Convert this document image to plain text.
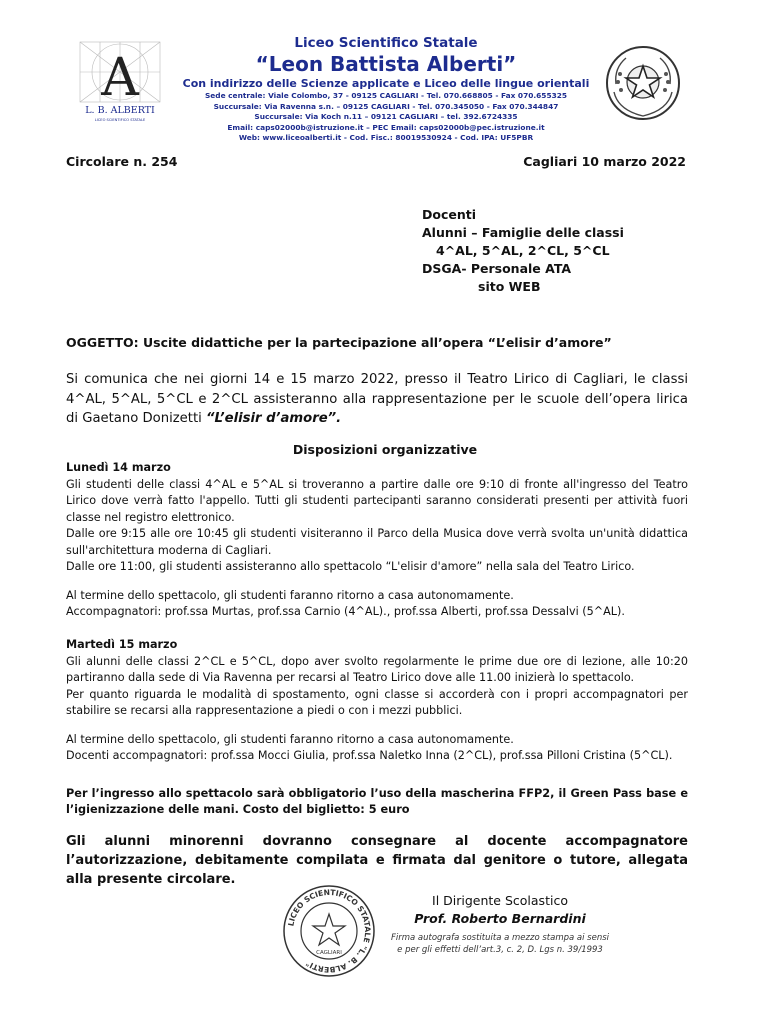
A
L. B. ALBERTI
LICEO SCIENTIFICO STATALE
Liceo Scientifico Statale
“Leon Battista Alberti”
Con indirizzo delle Scienze applicate e Liceo delle lingue orientali
Sede centrale: Viale Colombo, 37 - 09125 CAGLIARI - Tel. 070.668805 - Fax 070.655325
Succursale: Via Ravenna s.n. – 09125 CAGLIARI - Tel. 070.345050 - Fax 070.344847
Succursale: Via Koch n.11 – 09121 CAGLIARI – tel. 392.6724335
Email: caps02000b@istruzione.it – PEC Email: caps02000b@pec.istruzione.it
Web: www.liceoalberti.it - Cod. Fisc.: 80019530924 - Cod. IPA: UF5PBR
Circolare n. 254	Cagliari 10 marzo 2022
Docenti
Alunni – Famiglie delle classi
4^AL, 5^AL, 2^CL, 5^CL
DSGA- Personale ATA
sito WEB
OGGETTO: Uscite didattiche per la partecipazione all’opera “L’elisir d’amore”
Si comunica che nei giorni 14 e 15 marzo 2022, presso il Teatro Lirico di Cagliari, le classi 4^AL, 5^AL, 5^CL e 2^CL assisteranno alla rappresentazione per le scuole dell’opera lirica di Gaetano Donizetti “L’elisir d’amore”.
Disposizioni organizzative

Lunedì 14 marzo

Gli studenti delle classi 4^AL e 5^AL si troveranno a partire dalle ore 9:10 di fronte all'ingresso del Teatro Lirico dove verrà fatto l'appello. Tutti gli studenti partecipanti saranno considerati presenti per attività fuori classe nel registro elettronico.

Dalle ore 9:15 alle ore 10:45 gli studenti visiteranno il Parco della Musica dove verrà svolta un'unità didattica sull'architettura moderna di Cagliari.

Dalle ore 11:00, gli studenti assisteranno allo spettacolo “L'elisir d'amore” nella sala del Teatro Lirico.

Al termine dello spettacolo, gli studenti faranno ritorno a casa autonomamente.

Accompagnatori: prof.ssa Murtas, prof.ssa Carnio (4^AL)., prof.ssa Alberti, prof.ssa Dessalvi (5^AL).

Martedì 15 marzo

Gli alunni delle classi 2^CL e 5^CL, dopo aver svolto regolarmente le prime due ore di lezione, alle 10:20 partiranno dalla sede di Via Ravenna per recarsi al Teatro Lirico dove alle 11.00 inizierà lo spettacolo.

Per quanto riguarda le modalità di spostamento, ogni classe si accorderà con i propri accompagnatori per stabilire se recarsi alla rappresentazione a piedi o con i mezzi pubblici.

Al termine dello spettacolo, gli studenti faranno ritorno a casa autonomamente.

Docenti accompagnatori: prof.ssa Mocci Giulia, prof.ssa Naletko Inna (2^CL), prof.ssa Pilloni Cristina (5^CL).

Per l’ingresso allo spettacolo sarà obbligatorio l’uso della mascherina FFP2, il Green Pass base e l’igienizzazione delle mani. Costo del biglietto: 5 euro
Gli alunni minorenni dovranno consegnare al docente accompagnatore l’autorizzazione, debitamente compilata e firmata dal genitore o tutore, allegata alla presente circolare.
LICEO SCIENTIFICO STATALE "L. B. ALBERTI"
CAGLIARI
Il Dirigente Scolastico
Prof. Roberto Bernardini
Firma autografa sostituita a mezzo stampa ai sensi
e per gli effetti dell’art.3, c. 2, D. Lgs n. 39/1993
